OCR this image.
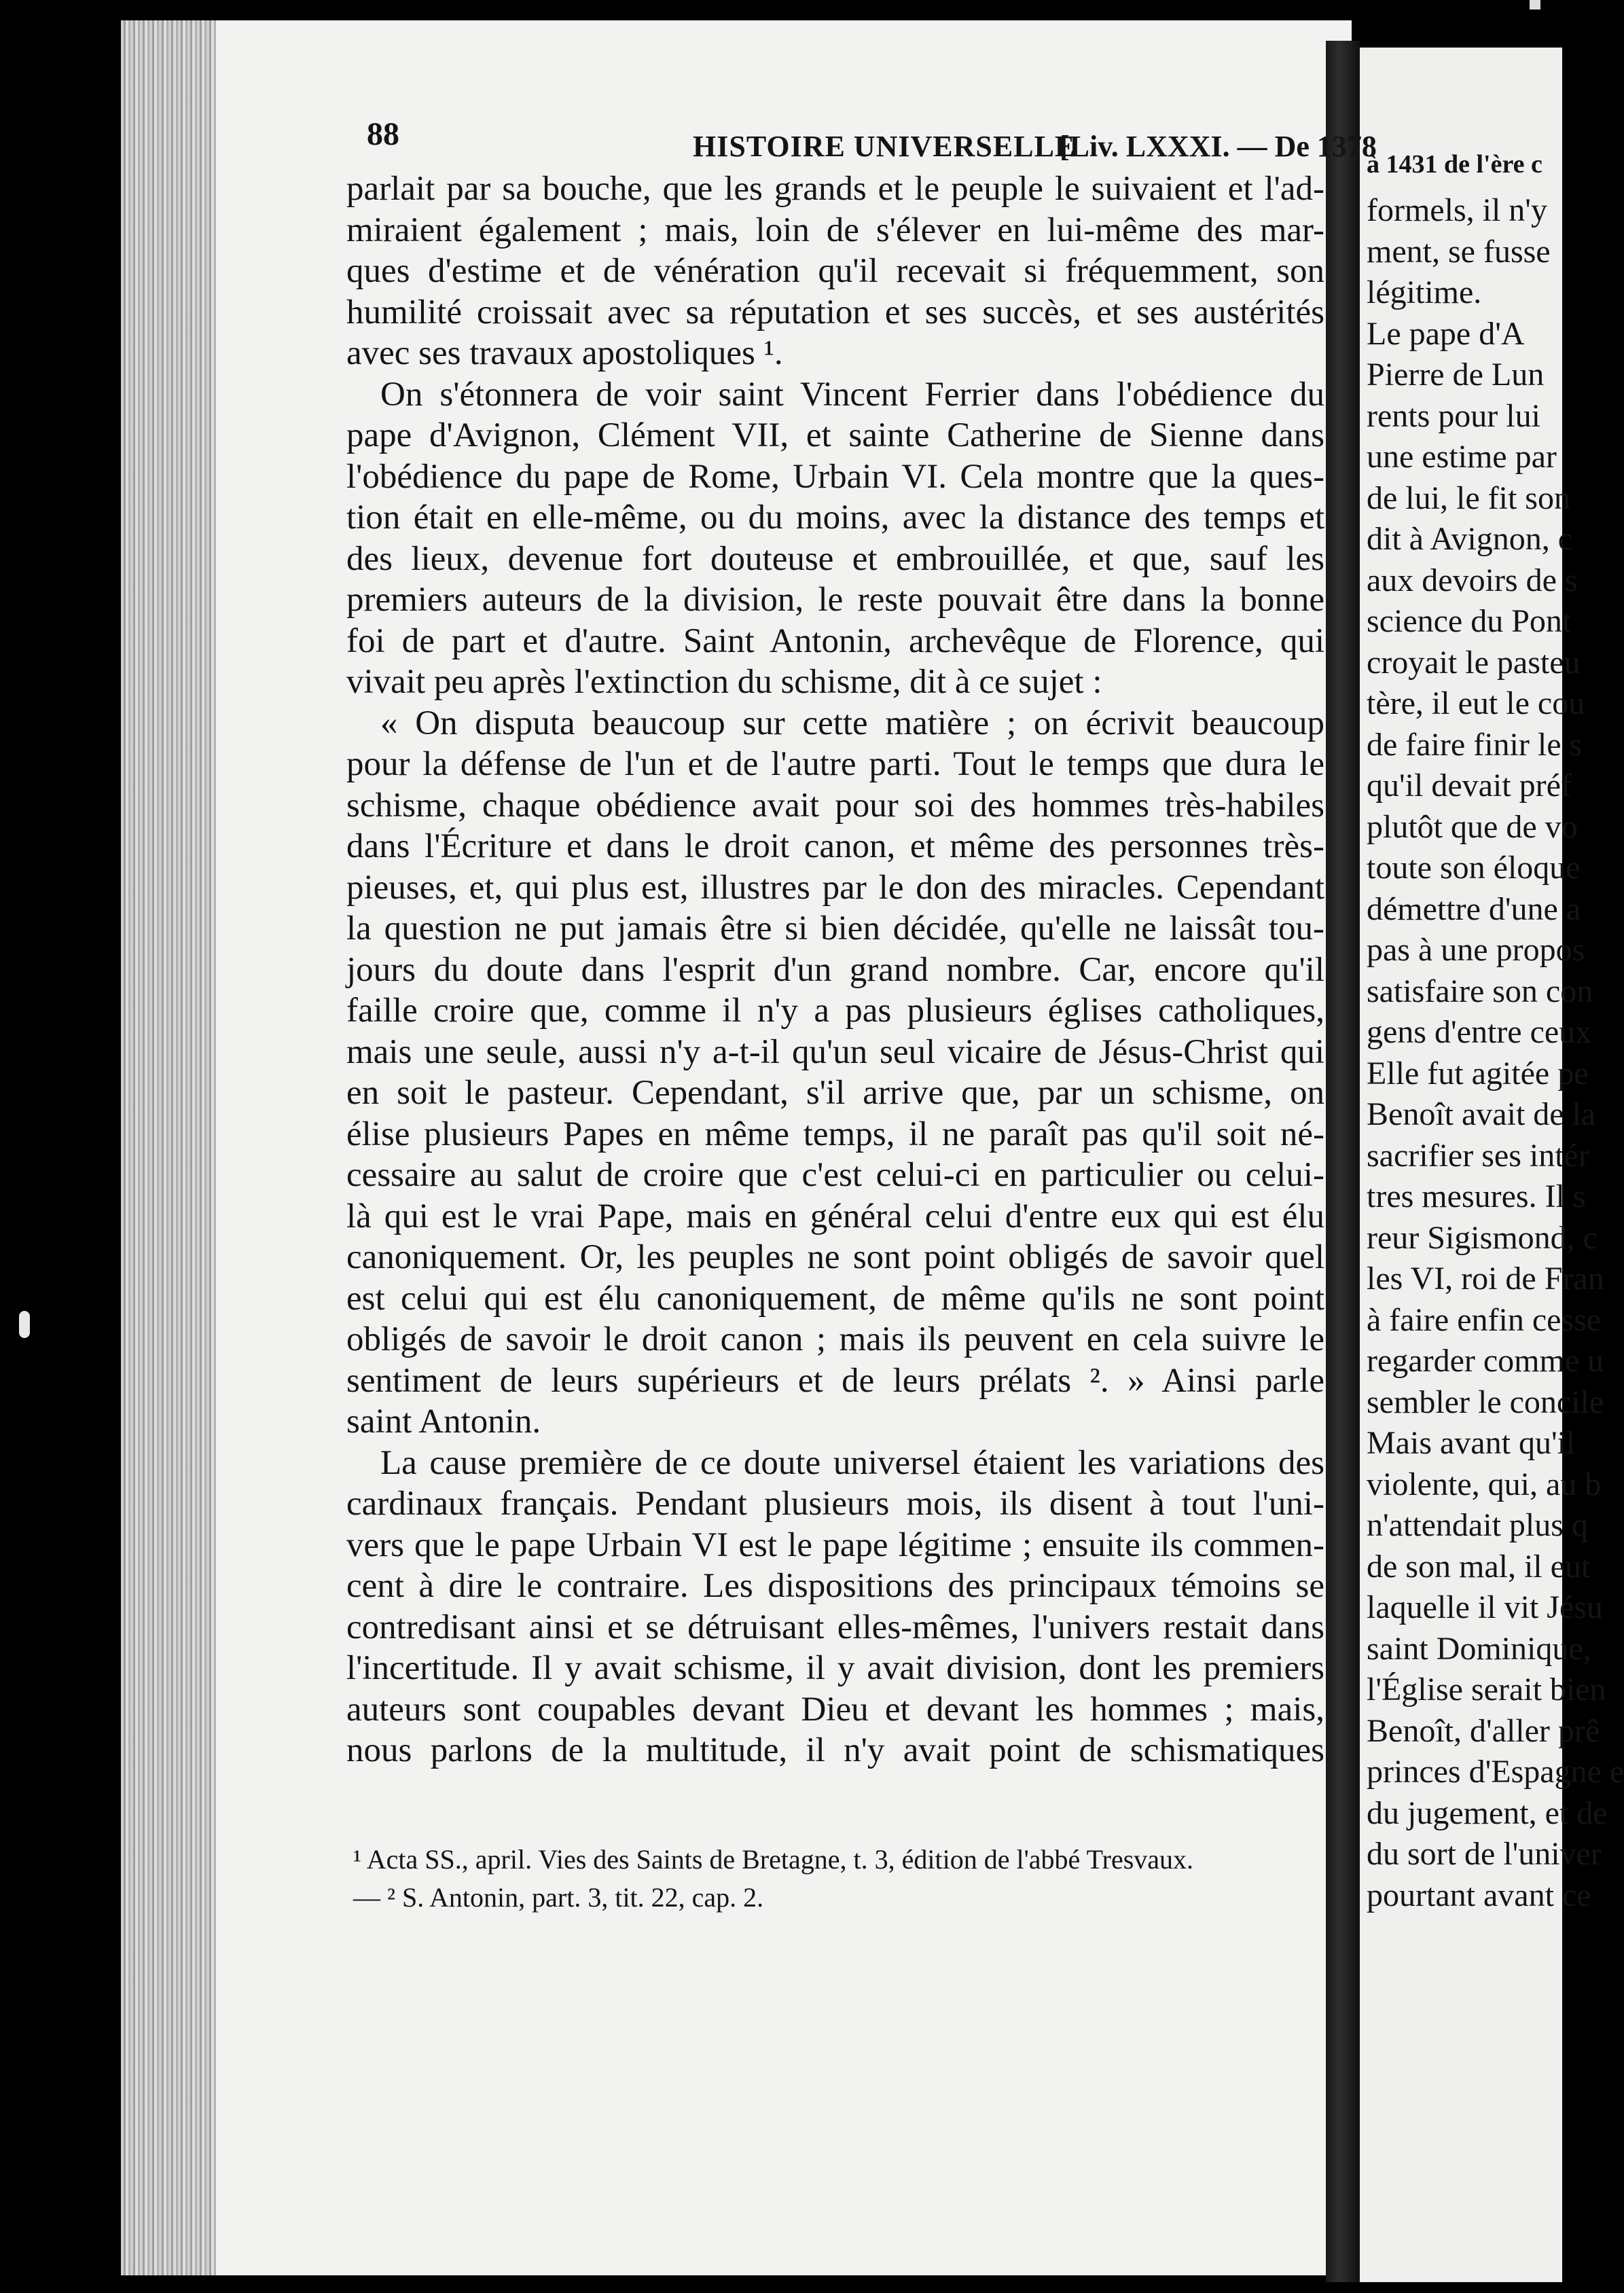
88	HISTOIRE UNIVERSELLE
[Liv. LXXXI. — De 1378
parlait par sa bouche, que les grands et le peuple le suivaient et l'ad-
miraient également ; mais, loin de s'élever en lui-même des mar-
ques d'estime et de vénération qu'il recevait si fréquemment, son
humilité croissait avec sa réputation et ses succès, et ses austérités
avec ses travaux apostoliques ¹.
On s'étonnera de voir saint Vincent Ferrier dans l'obédience du
pape d'Avignon, Clément VII, et sainte Catherine de Sienne dans
l'obédience du pape de Rome, Urbain VI. Cela montre que la ques-
tion était en elle-même, ou du moins, avec la distance des temps et
des lieux, devenue fort douteuse et embrouillée, et que, sauf les
premiers auteurs de la division, le reste pouvait être dans la bonne
foi de part et d'autre. Saint Antonin, archevêque de Florence, qui
vivait peu après l'extinction du schisme, dit à ce sujet :
« On disputa beaucoup sur cette matière ; on écrivit beaucoup
pour la défense de l'un et de l'autre parti. Tout le temps que dura le
schisme, chaque obédience avait pour soi des hommes très-habiles
dans l'Écriture et dans le droit canon, et même des personnes très-
pieuses, et, qui plus est, illustres par le don des miracles. Cependant
la question ne put jamais être si bien décidée, qu'elle ne laissât tou-
jours du doute dans l'esprit d'un grand nombre. Car, encore qu'il
faille croire que, comme il n'y a pas plusieurs églises catholiques,
mais une seule, aussi n'y a-t-il qu'un seul vicaire de Jésus-Christ qui
en soit le pasteur. Cependant, s'il arrive que, par un schisme, on
élise plusieurs Papes en même temps, il ne paraît pas qu'il soit né-
cessaire au salut de croire que c'est celui-ci en particulier ou celui-
là qui est le vrai Pape, mais en général celui d'entre eux qui est élu
canoniquement. Or, les peuples ne sont point obligés de savoir quel
est celui qui est élu canoniquement, de même qu'ils ne sont point
obligés de savoir le droit canon ; mais ils peuvent en cela suivre le
sentiment de leurs supérieurs et de leurs prélats ². » Ainsi parle
saint Antonin.
La cause première de ce doute universel étaient les variations des
cardinaux français. Pendant plusieurs mois, ils disent à tout l'uni-
vers que le pape Urbain VI est le pape légitime ; ensuite ils commen-
cent à dire le contraire. Les dispositions des principaux témoins se
contredisant ainsi et se détruisant elles-mêmes, l'univers restait dans
l'incertitude. Il y avait schisme, il y avait division, dont les premiers
auteurs sont coupables devant Dieu et devant les hommes ; mais,
nous parlons de la multitude, il n'y avait point de schismatiques
¹ Acta SS., april. Vies des Saints de Bretagne, t. 3, édition de l'abbé Tresvaux.
— ² S. Antonin, part. 3, tit. 22, cap. 2.
à 1431 de l'ère c
formels, il n'y
ment, se fusse
légitime.
Le pape d'A
Pierre de Lun
rents pour lui
une estime par
de lui, le fit son
dit à Avignon, c
aux devoirs de s
science du Pont
croyait le pasteu
tère, il eut le cou
de faire finir le s
qu'il devait préf
plutôt que de vo
toute son éloque
démettre d'une a
pas à une propos
satisfaire son con
gens d'entre ceux
Elle fut agitée pe
Benoît avait de la
sacrifier ses intér
tres mesures. Il s
reur Sigismond, c
les VI, roi de Fran
à faire enfin cesse
regarder comme u
sembler le concile
Mais avant qu'il
violente, qui, au b
n'attendait plus q
de son mal, il eut
laquelle il vit Jésu
saint Dominique,
l'Église serait bien
Benoît, d'aller prê
princes d'Espagne e
du jugement, et de
du sort de l'univer
pourtant avant ce
